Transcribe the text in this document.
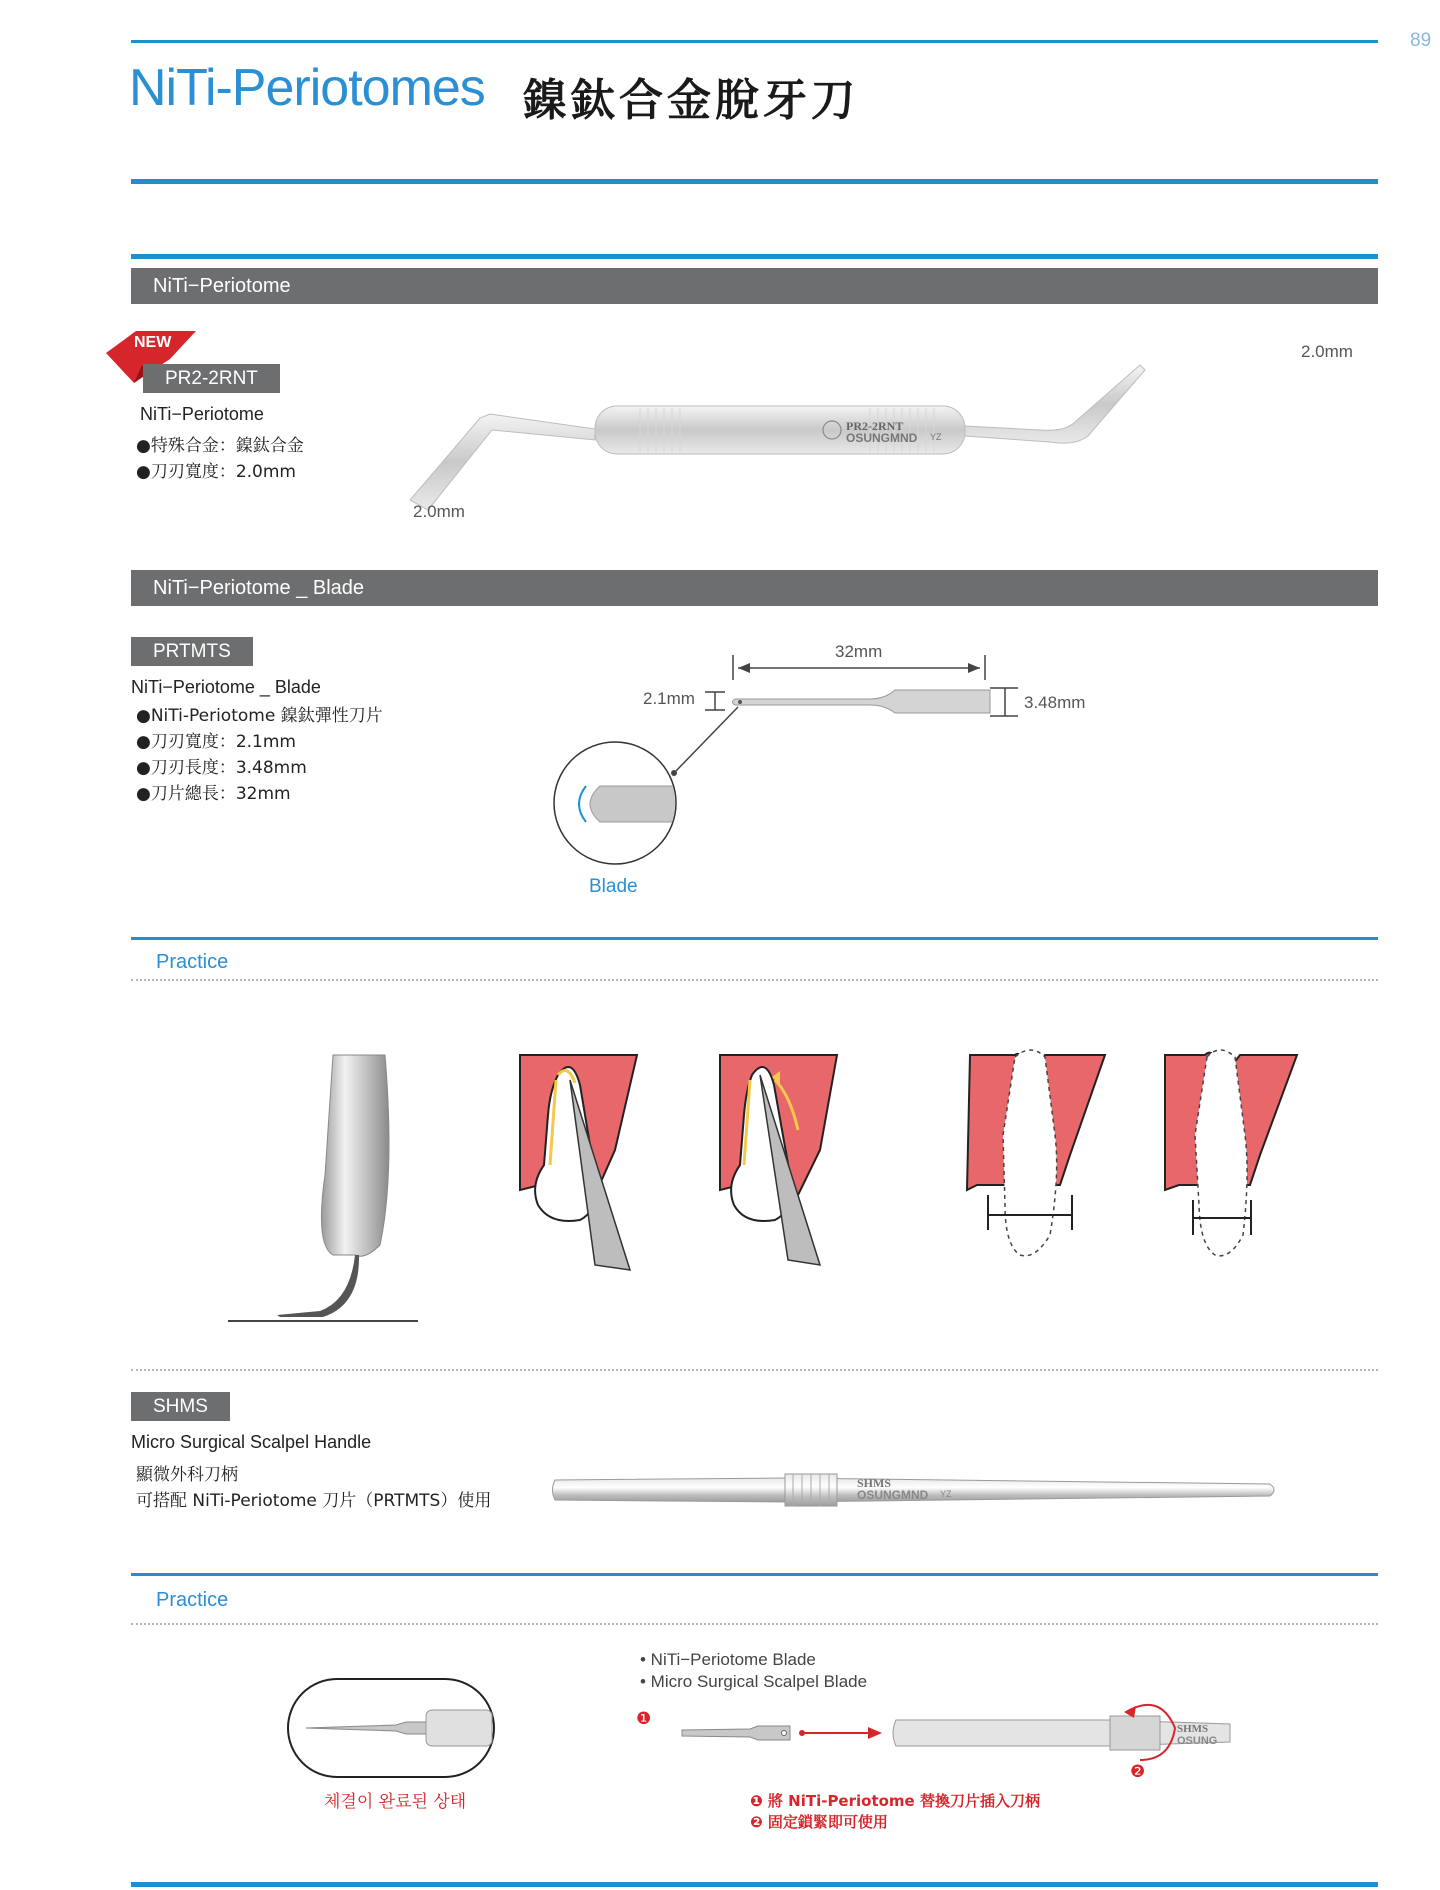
89
NiTi-Periotomes 鎳鈦合金脫牙刀
NiTi−Periotome
NEW
PR2-2RNT
NiTi−Periotome
●特殊合金：鎳鈦合金
●刀刃寬度：2.0mm
PR2-2RNT
OSUNGMND YZ
2.0mm
2.0mm
NiTi−Periotome _ Blade
PRTMTS
NiTi−Periotome _ Blade
●NiTi-Periotome 鎳鈦彈性刀片
●刀刃寬度：2.1mm
●刀刃長度：3.48mm
●刀片總長：32mm
32mm
2.1mm	3.48mm
Blade
Practice
SHMS
Micro Surgical Scalpel Handle
顯微外科刀柄
可搭配 NiTi-Periotome 刀片（PRTMTS）使用
SHMS
OSUNGMND YZ
Practice
체결이 완료된 상태
• NiTi−Periotome Blade
• Micro Surgical Scalpel Blade
SHMS
OSUNG
❶
❷
❶ 將 NiTi-Periotome 替換刀片插入刀柄
❷ 固定鎖緊即可使用
